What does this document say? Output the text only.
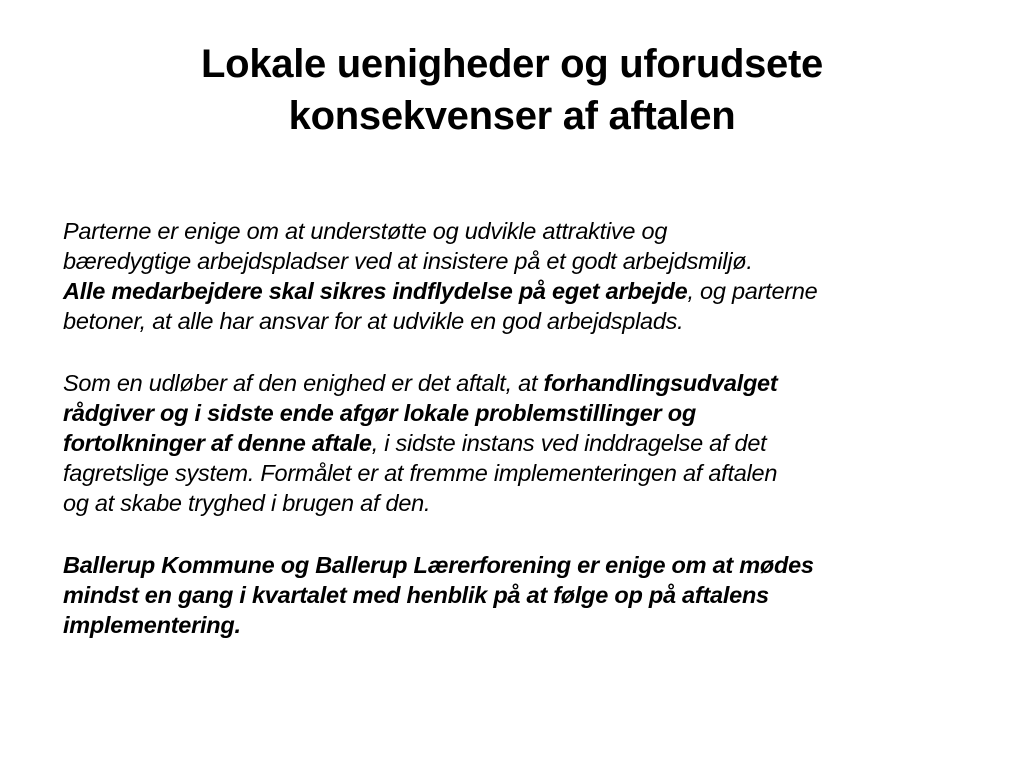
Lokale uenigheder og uforudsete
konsekvenser af aftalen

Parterne er enige om at understøtte og udvikle attraktive og
bæredygtige arbejdspladser ved at insistere på et godt arbejdsmiljø.
Alle medarbejdere skal sikres indflydelse på eget arbejde, og parterne
betoner, at alle har ansvar for at udvikle en god arbejdsplads.

Som en udløber af den enighed er det aftalt, at forhandlingsudvalget
rådgiver og i sidste ende afgør lokale problemstillinger og
fortolkninger af denne aftale, i sidste instans ved inddragelse af det
fagretslige system. Formålet er at fremme implementeringen af aftalen
og at skabe tryghed i brugen af den.

Ballerup Kommune og Ballerup Lærerforening er enige om at mødes
mindst en gang i kvartalet med henblik på at følge op på aftalens
implementering.
